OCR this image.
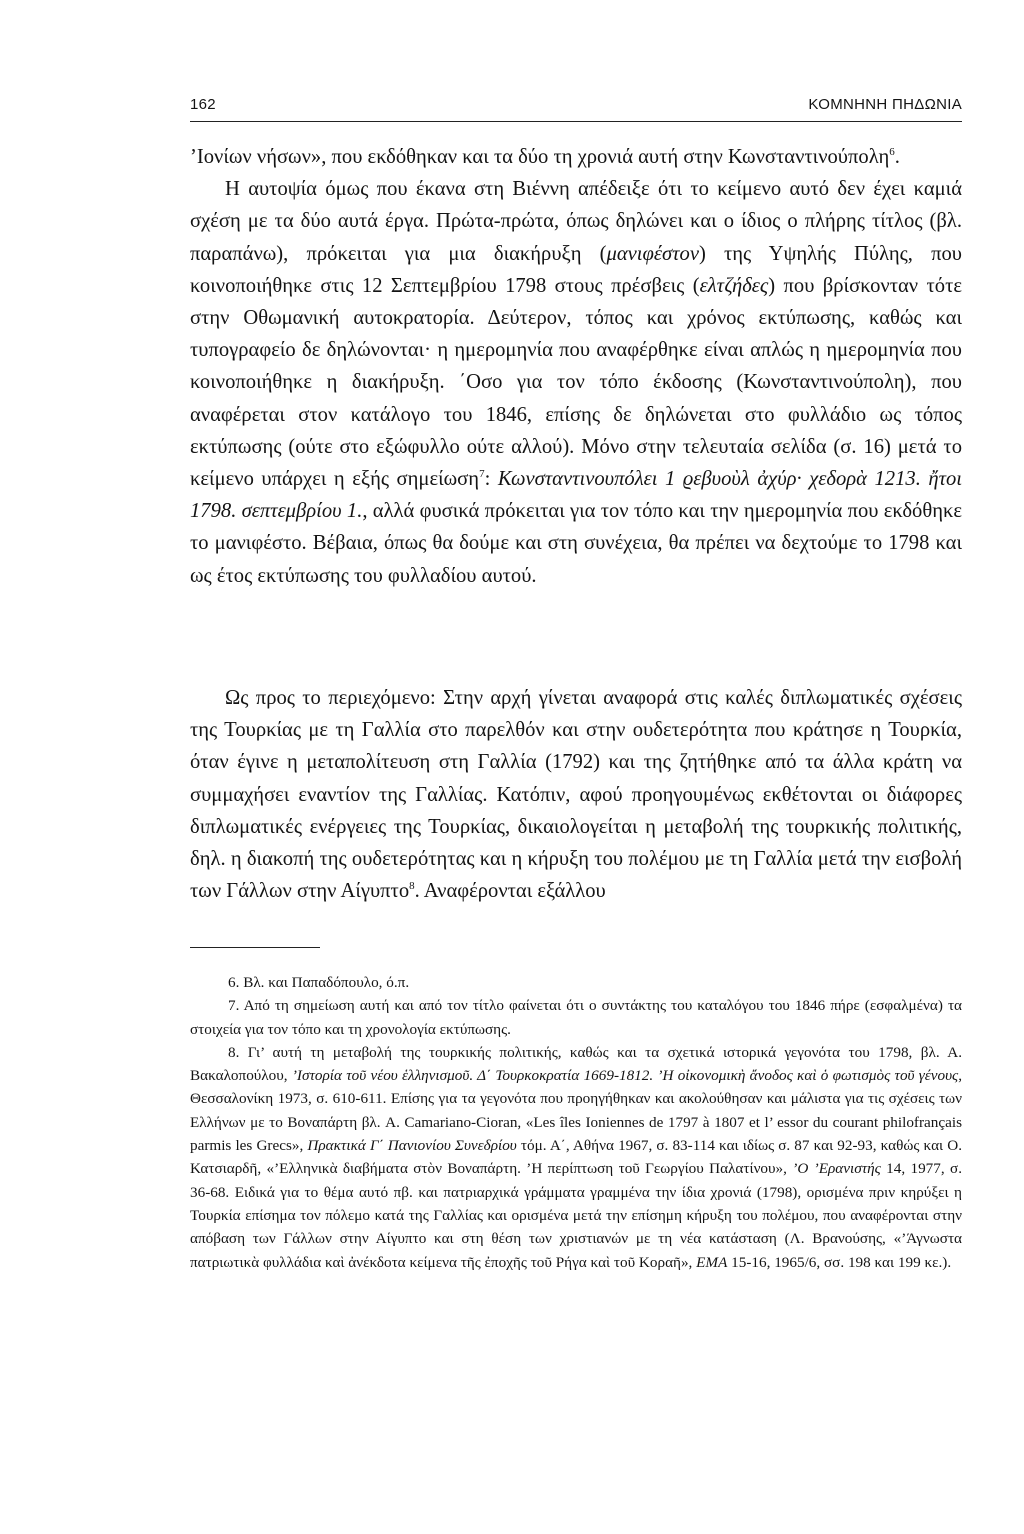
162	ΚΟΜΝΗΝΗ ΠΗΔΩΝΙΑ

’Ιονίων νήσων», που εκδόθηκαν και τα δύο τη χρονιά αυτή στην Κωνσταντινούπολη$^6$.

Η αυτοψία όμως που έκανα στη Βιέννη απέδειξε ότι το κείμενο αυτό δεν έχει καμιά σχέση με τα δύο αυτά έργα. Πρώτα-πρώτα, όπως δηλώνει και ο ίδιος ο πλήρης τίτλος (βλ. παραπάνω), πρόκειται για μια διακήρυξη (μανιφέστον) της Υψηλής Πύλης, που κοινοποιήθηκε στις 12 Σεπτεμβρίου 1798 στους πρέσβεις (ελτζήδες) που βρίσκονταν τότε στην Οθωμανική αυτοκρατορία. Δεύτερον, τόπος και χρόνος εκτύπωσης, καθώς και τυπογραφείο δε δηλώνονται· η ημερομηνία που αναφέρθηκε είναι απλώς η ημερομηνία που κοινοποιήθηκε η διακήρυξη. ΄Οσο για τον τόπο έκδοσης (Κωνσταντινούπολη), που αναφέρεται στον κατάλογο του 1846, επίσης δε δηλώνεται στο φυλλάδιο ως τόπος εκτύπωσης (ούτε στο εξώφυλλο ούτε αλλού). Μόνο στην τελευταία σελίδα (σ. 16) μετά το κείμενο υπάρχει η εξής σημείωση$^7$: Κωνσταντινουπόλει 1 ϱεβυοὺλ ἀχύρ· χεδορὰ 1213. ἤτοι 1798. σεπτεμβρίου 1., αλλά φυσικά πρόκειται για τον τόπο και την ημερομηνία που εκδόθηκε το μανιφέστο. Βέβαια, όπως θα δούμε και στη συνέχεια, θα πρέπει να δεχτούμε το 1798 και ως έτος εκτύπωσης του φυλλαδίου αυτού.

Ως προς το περιεχόμενο: Στην αρχή γίνεται αναφορά στις καλές διπλωματικές σχέσεις της Τουρκίας με τη Γαλλία στο παρελθόν και στην ουδετερότητα που κράτησε η Τουρκία, όταν έγινε η μεταπολίτευση στη Γαλλία (1792) και της ζητήθηκε από τα άλλα κράτη να συμμαχήσει εναντίον της Γαλλίας. Κατόπιν, αφού προηγουμένως εκθέτονται οι διάφορες διπλωματικές ενέργειες της Τουρκίας, δικαιολογείται η μεταβολή της τουρκικής πολιτικής, δηλ. η διακοπή της ουδετερότητας και η κήρυξη του πολέμου με τη Γαλλία μετά την εισβολή των Γάλλων στην Αίγυπτο$^8$. Αναφέρονται εξάλλου

6. Βλ. και Παπαδόπουλο, ό.π.

7. Από τη σημείωση αυτή και από τον τίτλο φαίνεται ότι ο συντάκτης του καταλόγου του 1846 πήρε (εσφαλμένα) τα στοιχεία για τον τόπο και τη χρονολογία εκτύπωσης.

8. Γι’ αυτή τη μεταβολή της τουρκικής πολιτικής, καθώς και τα σχετικά ιστορικά γεγονότα του 1798, βλ. Α. Βακαλοπούλου, ’Ιστορία τοῦ νέου ἑλληνισμοῦ. Δ΄ Τουρκοκρατία 1669-1812. ’Η οἰκονομικὴ ἄνοδος καὶ ὁ φωτισμὸς τοῦ γένους, Θεσσαλονίκη 1973, σ. 610-611. Επίσης για τα γεγονότα που προηγήθηκαν και ακολούθησαν και μάλιστα για τις σχέσεις των Ελλήνων με το Βοναπάρτη βλ. A. Camariano-Cioran, «Les îles Ioniennes de 1797 à 1807 et l’ essor du courant philofrançais parmis les Grecs», Πρακτικά Γ΄ Πανιονίου Συνεδρίου τόμ. Α΄, Αθήνα 1967, σ. 83-114 και ιδίως σ. 87 και 92-93, καθώς και Ο. Κατσιαρδῆ, «’Ελληνικὰ διαβήματα στὸν Βοναπάρτη. ’Η περίπτωση τοῦ Γεωργίου Παλατίνου», ’Ο ’Ερανιστής 14, 1977, σ. 36-68. Ειδικά για το θέμα αυτό πβ. και πατριαρχικά γράμματα γραμμένα την ίδια χρονιά (1798), ορισμένα πριν κηρύξει η Τουρκία επίσημα τον πόλεμο κατά της Γαλλίας και ορισμένα μετά την επίσημη κήρυξη του πολέμου, που αναφέρονται στην απόβαση των Γάλλων στην Αίγυπτο και στη θέση των χριστιανών με τη νέα κατάσταση (Λ. Βρανούσης, «’Άγνωστα πατριωτικὰ φυλλάδια καὶ ἀνέκδοτα κείμενα τῆς ἐποχῆς τοῦ Ρήγα καὶ τοῦ Κοραῆ», ΕΜΑ 15-16, 1965/6, σσ. 198 και 199 κε.).
